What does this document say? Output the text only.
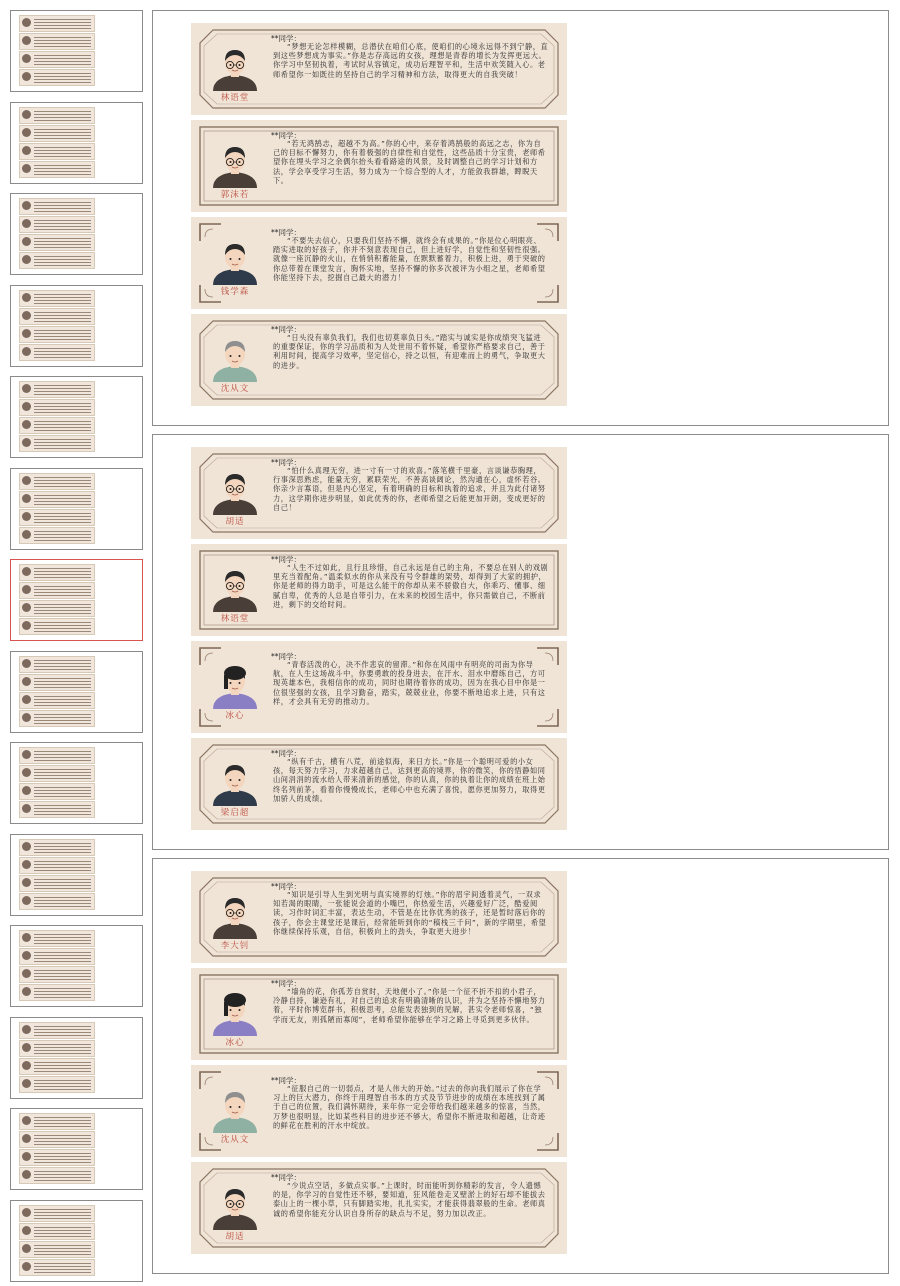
林语堂
**同学：
“梦想无论怎样模糊，总潜伏在咱们心底，使咱们的心境永远得不到宁静，直到这些梦想成为事实。”你是志存高远的女孩，理想是青春的增长为发挥更远大。你学习中坚韧执着，考试时从容镇定，成功后理智平和，生活中欢笑随入心。老师希望你一如既往的坚持自己的学习精神和方法，取得更大的自我突破！
郭沫若
**同学：
“若无鸿鹄志，超越不为高。”你的心中，来存着鸿鹄般的高远之志，你为自己的目标不懈努力，你有着极强的自律性和自觉性，这些品质十分宝贵，老师希望你在埋头学习之余偶尔抬头看看路途的风景，及时调整自己的学习计划和方法，学会享受学习生活，努力成为一个综合型的人才，方能敛我群雄，睥睨天下。
钱学森
**同学：
“不要失去信心，只要我们坚持不懈，就终会有成果的。”你是位心明眼亮、踏实进取的好孩子，你并不刻意表现自己，但上进好学，自觉性和坚韧性很强。就像一座沉静的火山，在悄悄积蓄能量，在默默蓄着力，积极上进，勇于突破的你总带着在课堂发言，胸怀实地，坚持不懈的你多次被评为小组之星，老师希望你能坚持下去，挖掘自己最大的潜力！
沈从文
**同学：
“日头没有辜负我们，我们也切莫辜负日头。”踏实与诚实是你成绩突飞猛进的重要保证，你的学习品质和为人处世用不着怀疑，希望你严格要求自己，善于利用时间，提高学习效率，坚定信心，持之以恒，有迎难而上的勇气，争取更大的进步。
胡适
**同学：
“怕什么真理无穷，进一寸有一寸的欢喜。”落笔横千里豪，言谈谦恭胸理，行事深思熟虑，能量无穷，累联荣光，不善高谈阔论，然沟通在心，虚怀若谷。你亲少言寡语，但是内心坚定，有着明确的目标和执着的追求，并且为此付诸努力，这学期你进步明显，如此优秀的你，老师希望之后能更加开朗，变成更好的自己！
林语堂
**同学：
“人生不过如此，且行且珍惜，自己永远是自己的主角，不要总在别人的戏剧里充当着配角。”温柔似水的你从来没有号令群雄的架势，却得到了大家的拥护，你是老师的得力助手，可是这么能干的你却从来不骄傲自大，你乖巧、懂事、细腻自卑，优秀的人总是自带引力，在未来的校园生活中，你只需做自己，不断前进，剩下的交给时间。
冰心
**同学：
“青春活泼的心，决不作悲哀的留滞。”和你在风雨中有明亮的司南为你导航，在人生这场战斗中，你要勇敢的投身进去，在汗水、泪水中磨练自己，方可现英雄本色，我相信你的成功，同时也期待着你的成功，因为在我心目中你是一位很坚强的女孩，且学习勤奋，踏实，兢兢业业，你要不断地追求上进，只有这样，才会具有无穷的推动力。
梁启超
**同学：
“纵有千古，横有八荒，前途似海，来日方长。”你是一个聪明可爱的小女孩，每天努力学习，力求超越自己，达到更高的境界，你的微笑，你的悟静如同山间涓涓的流水给人带来清新的感觉，你的认真，你的执着让你的成绩在班上始终名列前茅，看着你慢慢成长，老师心中也充满了喜悦，愿你更加努力，取得更加骄人的成绩。
李大钊
**同学：
“知识是引导人生到光明与真实境界的灯烛。”你的眉宇间透着灵气，一双求知若渴的眼睛，一张能说会道的小嘴巴，你热爱生活，兴趣爱好广泛，酷爱阅读，习作时词汇丰富，表达生动，不管是在比你优秀的孩子，还是暂时落后你的孩子，你会主课堂还是课后，经常能听到你的“稿栈三千问”，新的学期里，希望你继续保持乐观，自信，积极向上的劲头，争取更大进步！
冰心
**同学：
“墙角的花，你孤芳自赏时，天地便小了。”你是一个征不折不扣的小君子，冷静自持，谦逊有礼，对自己的追求有明确清晰的认识，并为之坚持不懈地努力着，平时你博览群书，积极思考，总能发表独到的见解，甚实令老师惊喜，“独学而无友，则孤陋而寡闻”，老师希望你能够在学习之路上寻觅到更多伙伴。
沈从文
**同学：
“征服自己的一切弱点，才是人伟大的开始。”过去的你向我们展示了你在学习上的巨大潜力，你终于用理智自书本的方式及节节进步的成绩在本班找到了属于自己的位置，我们满怀期待，来年你一定会带给我们越来越多的惊喜，当然，万梦也很明显，比如某些科目的进步还不够大，希望你不断进取和超越，让奇迹的鲜花在胜利的汗水中绽放。
胡适
**同学：
“少说点空话，多做点实事。”上课时，时而能听到你精彩的发言，令人遗憾的是，你学习的自觉性还不够，要知道，狂风能卷走叉壁淤上的好石却不能拔去泰山上的一棵小草，只有脚踏实地，扎扎实实，才能获得翡翠般的生命。老师真诚的希望你能充分认识自身所存的缺点与不足，努力加以改正。
